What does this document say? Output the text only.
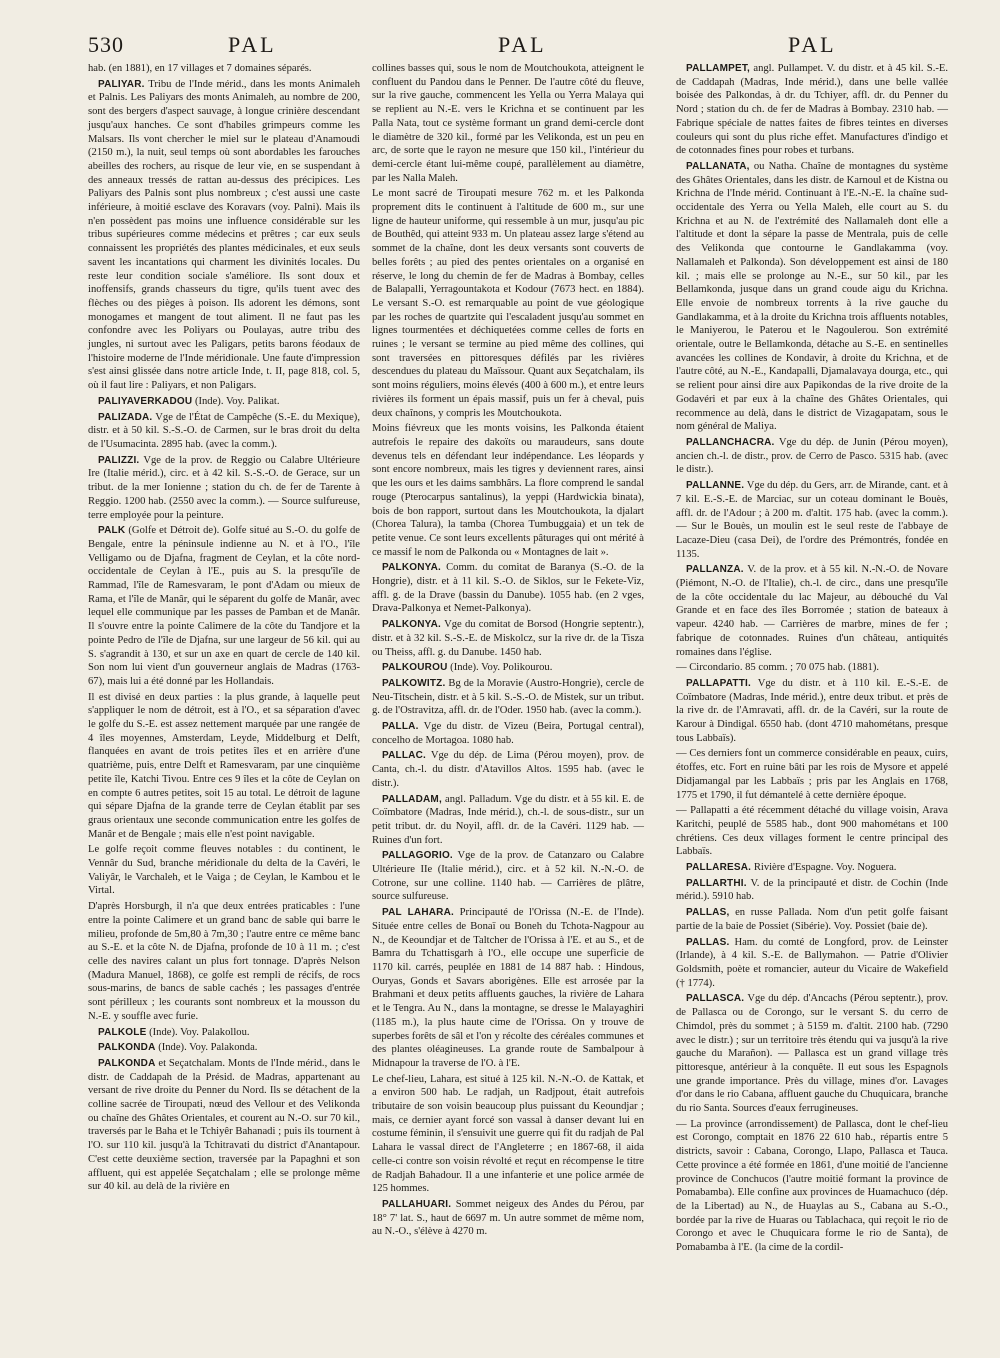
530	PAL	PAL	PAL

hab. (en 1881), en 17 villages et 7 domaines séparés.

PALIYAR. Tribu de l'Inde mérid., dans les monts Animaleh et Palnis. Les Paliyars des monts Animaleh, au nombre de 200, sont des bergers d'aspect sauvage, à longue crinière descendant jusqu'aux hanches. Ce sont d'habiles grimpeurs comme les Malsars. Ils vont chercher le miel sur le plateau d'Anamoudi (2150 m.), la nuit, seul temps où sont abordables les farouches abeilles des rochers, au risque de leur vie, en se suspendant à des anneaux tressés de rattan au-dessus des précipices. Les Paliyars des Palnis sont plus nombreux ; c'est aussi une caste inférieure, à moitié esclave des Koravars (voy. Palni). Mais ils n'en possèdent pas moins une influence considérable sur les tribus supérieures comme médecins et prêtres ; car eux seuls connaissent les propriétés des plantes médicinales, et eux seuls savent les incantations qui charment les divinités locales. Du reste leur condition sociale s'améliore. Ils sont doux et inoffensifs, grands chasseurs du tigre, qu'ils tuent avec des flèches ou des pièges à poison. Ils adorent les démons, sont monogames et mangent de tout aliment. Il ne faut pas les confondre avec les Poliyars ou Poulayas, autre tribu des jungles, ni surtout avec les Paligars, petits barons féodaux de l'histoire moderne de l'Inde méridionale. Une faute d'impression s'est ainsi glissée dans notre article Inde, t. II, page 818, col. 5, où il faut lire : Paliyars, et non Paligars.

PALIYAVERKADOU (Inde). Voy. Palikat.

PALIZADA. Vge de l'État de Campêche (S.-E. du Mexique), distr. et à 50 kil. S.-S.-O. de Carmen, sur le bras droit du delta de l'Usumacinta. 2895 hab. (avec la comm.).

PALIZZI. Vge de la prov. de Reggio ou Calabre Ultérieure Ire (Italie mérid.), circ. et à 42 kil. S.-S.-O. de Gerace, sur un tribut. de la mer Ionienne ; station du ch. de fer de Tarente à Reggio. 1200 hab. (2550 avec la comm.). — Source sulfureuse, terre employée pour la peinture.

PALK (Golfe et Détroit de). Golfe situé au S.-O. du golfe de Bengale, entre la péninsule indienne au N. et à l'O., l'île Velligamo ou de Djafna, fragment de Ceylan, et la côte nord-occidentale de Ceylan à l'E., puis au S. la presqu'île de Rammad, l'île de Ramesvaram, le pont d'Adam ou mieux de Rama, et l'île de Manâr, qui le séparent du golfe de Manâr, avec lequel elle communique par les passes de Pamban et de Manâr. Il s'ouvre entre la pointe Calimere de la côte du Tandjore et la pointe Pedro de l'île de Djafna, sur une largeur de 56 kil. qui au S. s'agrandit à 130, et sur un axe en quart de cercle de 140 kil. Son nom lui vient d'un gouverneur anglais de Madras (1763-67), mais lui a été donné par les Hollandais.

Il est divisé en deux parties : la plus grande, à laquelle peut s'appliquer le nom de détroit, est à l'O., et sa séparation d'avec le golfe du S.-E. est assez nettement marquée par une rangée de 4 îles moyennes, Amsterdam, Leyde, Middelburg et Delft, flanquées en avant de trois petites îles et en arrière d'une quatrième, puis, entre Delft et Ramesvaram, par une cinquième petite île, Katchi Tivou. Entre ces 9 îles et la côte de Ceylan on en compte 6 autres petites, soit 15 au total. Le détroit de lagune qui sépare Djafna de la grande terre de Ceylan établit par ses graus orientaux une seconde communication entre les golfes de Manâr et de Bengale ; mais elle n'est point navigable.

Le golfe reçoit comme fleuves notables : du continent, le Vennâr du Sud, branche méridionale du delta de la Cavéri, le Valiyâr, le Varchaleh, et le Vaiga ; de Ceylan, le Kambou et le Virtal.

D'après Horsburgh, il n'a que deux entrées praticables : l'une entre la pointe Calimere et un grand banc de sable qui barre le milieu, profonde de 5m,80 à 7m,30 ; l'autre entre ce même banc au S.-E. et la côte N. de Djafna, profonde de 10 à 11 m. ; c'est celle des navires calant un plus fort tonnage. D'après Nelson (Madura Manuel, 1868), ce golfe est rempli de récifs, de rocs sous-marins, de bancs de sable cachés ; les passages d'entrée sont périlleux ; les courants sont nombreux et la mousson du N.-E. y souffle avec furie.

PALKOLE (Inde). Voy. Palakollou.

PALKONDA (Inde). Voy. Palakonda.

PALKONDA et Seçatchalam. Monts de l'Inde mérid., dans le distr. de Caddapah de la Présid. de Madras, appartenant au versant de rive droite du Penner du Nord. Ils se détachent de la colline sacrée de Tiroupati, nœud des Vellour et des Velikonda ou chaîne des Ghâtes Orientales, et courent au N.-O. sur 70 kil., traversés par le Baha et le Tchiyêr Bahanadi ; puis ils tournent à l'O. sur 110 kil. jusqu'à la Tchitravati du district d'Anantapour. C'est cette deuxième section, traversée par la Papaghni et son affluent, qui est appelée Seçatchalam ; elle se prolonge même sur 40 kil. au delà de la rivière en

collines basses qui, sous le nom de Moutchoukota, atteignent le confluent du Pandou dans le Penner. De l'autre côté du fleuve, sur la rive gauche, commencent les Yella ou Yerra Malaya qui se replient au N.-E. vers le Krichna et se continuent par les Palla Nata, tout ce système formant un grand demi-cercle dont le diamètre de 320 kil., formé par les Velikonda, est un peu en arc, de sorte que le rayon ne mesure que 150 kil., l'intérieur du demi-cercle étant lui-même coupé, parallèlement au diamètre, par les Nalla Maleh.

Le mont sacré de Tiroupati mesure 762 m. et les Palkonda proprement dits le continuent à l'altitude de 600 m., sur une ligne de hauteur uniforme, qui ressemble à un mur, jusqu'au pic de Bouthêd, qui atteint 933 m. Un plateau assez large s'étend au sommet de la chaîne, dont les deux versants sont couverts de belles forêts ; au pied des pentes orientales on a organisé en réserve, le long du chemin de fer de Madras à Bombay, celles de Balapalli, Yerragountakota et Kodour (7673 hect. en 1884). Le versant S.-O. est remarquable au point de vue géologique par les roches de quartzite qui l'escaladent jusqu'au sommet en lignes tourmentées et déchiquetées comme celles de forts en ruines ; le versant se termine au pied même des collines, qui sont traversées en pittoresques défilés par les rivières descendues du plateau du Maïssour. Quant aux Seçatchalam, ils sont moins réguliers, moins élevés (400 à 600 m.), et entre leurs rivières ils forment un épais massif, puis un fer à cheval, puis deux chaînons, y compris les Moutchoukota.

Moins fiévreux que les monts voisins, les Palkonda étaient autrefois le repaire des dakoïts ou maraudeurs, sans doute devenus tels en défendant leur indépendance. Les léopards y sont encore nombreux, mais les tigres y deviennent rares, ainsi que les ours et les daims sambhârs. La flore comprend le sandal rouge (Pterocarpus santalinus), la yeppi (Hardwickia binata), bois de bon rapport, surtout dans les Moutchoukota, la djalart (Chorea Talura), la tamba (Chorea Tumbuggaia) et un tek de petite venue. Ce sont leurs excellents pâturages qui ont mérité à ce massif le nom de Palkonda ou « Montagnes de lait ».

PALKONYA. Comm. du comitat de Baranya (S.-O. de la Hongrie), distr. et à 11 kil. S.-O. de Siklos, sur le Fekete-Viz, affl. g. de la Drave (bassin du Danube). 1055 hab. (en 2 vges, Drava-Palkonya et Nemet-Palkonya).

PALKONYA. Vge du comitat de Borsod (Hongrie septentr.), distr. et à 32 kil. S.-S.-E. de Miskolcz, sur la rive dr. de la Tisza ou Theiss, affl. g. du Danube. 1450 hab.

PALKOUROU (Inde). Voy. Polikourou.

PALKOWITZ. Bg de la Moravie (Austro-Hongrie), cercle de Neu-Titschein, distr. et à 5 kil. S.-S.-O. de Mistek, sur un tribut. g. de l'Ostravitza, affl. dr. de l'Oder. 1950 hab. (avec la comm.).

PALLA. Vge du distr. de Vizeu (Beira, Portugal central), concelho de Mortagoa. 1080 hab.

PALLAC. Vge du dép. de Lima (Pérou moyen), prov. de Canta, ch.-l. du distr. d'Atavillos Altos. 1595 hab. (avec le distr.).

PALLADAM, angl. Palladum. Vge du distr. et à 55 kil. E. de Coïmbatore (Madras, Inde mérid.), ch.-l. de sous-distr., sur un petit tribut. dr. du Noyil, affl. dr. de la Cavéri. 1129 hab. — Ruines d'un fort.

PALLAGORIO. Vge de la prov. de Catanzaro ou Calabre Ultérieure IIe (Italie mérid.), circ. et à 52 kil. N.-N.-O. de Cotrone, sur une colline. 1140 hab. — Carrières de plâtre, source sulfureuse.

PAL LAHARA. Principauté de l'Orissa (N.-E. de l'Inde). Située entre celles de Bonaï ou Boneh du Tchota-Nagpour au N., de Keoundjar et de Taltcher de l'Orissa à l'E. et au S., et de Bamra du Tchattisgarh à l'O., elle occupe une superficie de 1170 kil. carrés, peuplée en 1881 de 14 887 hab. : Hindous, Ouryas, Gonds et Savars aborigènes. Elle est arrosée par la Brahmani et deux petits affluents gauches, la rivière de Lahara et le Tengra. Au N., dans la montagne, se dresse le Malayaghiri (1185 m.), la plus haute cime de l'Orissa. On y trouve de superbes forêts de sâl et l'on y récolte des céréales communes et des plantes oléagineuses. La grande route de Sambalpour à Midnapour la traverse de l'O. à l'E.

Le chef-lieu, Lahara, est situé à 125 kil. N.-N.-O. de Kattak, et a environ 500 hab. Le radjah, un Radjpout, était autrefois tributaire de son voisin beaucoup plus puissant du Keoundjar ; mais, ce dernier ayant forcé son vassal à danser devant lui en costume féminin, il s'ensuivit une guerre qui fit du radjah de Pal Lahara le vassal direct de l'Angleterre ; en 1867-68, il aida celle-ci contre son voisin révolté et reçut en récompense le titre de Radjah Bahadour. Il a une infanterie et une police armée de 125 hommes.

PALLAHUARI. Sommet neigeux des Andes du Pérou, par 18° 7' lat. S., haut de 6697 m. Un autre sommet de même nom, au N.-O., s'élève à 4270 m.

PALLAMPET, angl. Pullampet. V. du distr. et à 45 kil. S.-E. de Caddapah (Madras, Inde mérid.), dans une belle vallée boisée des Palkondas, à dr. du Tchiyer, affl. dr. du Penner du Nord ; station du ch. de fer de Madras à Bombay. 2310 hab. — Fabrique spéciale de nattes faites de fibres teintes en diverses couleurs qui sont du plus riche effet. Manufactures d'indigo et de cotonnades fines pour robes et turbans.

PALLANATA, ou Natha. Chaîne de montagnes du système des Ghâtes Orientales, dans les distr. de Karnoul et de Kistna ou Krichna de l'Inde mérid. Continuant à l'E.-N.-E. la chaîne sud-occidentale des Yerra ou Yella Maleh, elle court au S. du Krichna et au N. de l'extrémité des Nallamaleh dont elle a l'altitude et dont la sépare la passe de Mentrala, puis de celle des Velikonda que contourne le Gandlakamma (voy. Nallamaleh et Palkonda). Son développement est ainsi de 180 kil. ; mais elle se prolonge au N.-E., sur 50 kil., par les Bellamkonda, jusque dans un grand coude aigu du Krichna. Elle envoie de nombreux torrents à la rive gauche du Gandlakamma, et à la droite du Krichna trois affluents notables, le Maniyerou, le Paterou et le Nagoulerou. Son extrémité orientale, outre le Bellamkonda, détache au S.-E. en sentinelles avancées les collines de Kondavir, à droite du Krichna, et de l'autre côté, au N.-E., Kandapalli, Djamalavaya dourga, etc., qui se relient pour ainsi dire aux Papikondas de la rive droite de la Godavéri et par eux à la chaîne des Ghâtes Orientales, qui recommence au delà, dans le district de Vizagapatam, sous le nom général de Maliya.

PALLANCHACRA. Vge du dép. de Junin (Pérou moyen), ancien ch.-l. de distr., prov. de Cerro de Pasco. 5315 hab. (avec le distr.).

PALLANNE. Vge du dép. du Gers, arr. de Mirande, cant. et à 7 kil. E.-S.-E. de Marciac, sur un coteau dominant le Bouès, affl. dr. de l'Adour ; à 200 m. d'altit. 175 hab. (avec la comm.). — Sur le Bouès, un moulin est le seul reste de l'abbaye de Lacaze-Dieu (casa Dei), de l'ordre des Prémontrés, fondée en 1135.

PALLANZA. V. de la prov. et à 55 kil. N.-N.-O. de Novare (Piémont, N.-O. de l'Italie), ch.-l. de circ., dans une presqu'île de la côte occidentale du lac Majeur, au débouché du Val Grande et en face des îles Borromée ; station de bateaux à vapeur. 4240 hab. — Carrières de marbre, mines de fer ; fabrique de cotonnades. Ruines d'un château, antiquités romaines dans l'église.

— Circondario. 85 comm. ; 70 075 hab. (1881).

PALLAPATTI. Vge du distr. et à 110 kil. E.-S.-E. de Coïmbatore (Madras, Inde mérid.), entre deux tribut. et près de la rive dr. de l'Amravati, affl. dr. de la Cavéri, sur la route de Karour à Dindigal. 6550 hab. (dont 4710 mahométans, presque tous Labbaïs).

— Ces derniers font un commerce considérable en peaux, cuirs, étoffes, etc. Fort en ruine bâti par les rois de Mysore et appelé Didjamangal par les Labbaïs ; pris par les Anglais en 1768, 1775 et 1790, il fut démantelé à cette dernière époque.

— Pallapatti a été récemment détaché du village voisin, Arava Karitchi, peuplé de 5585 hab., dont 900 mahométans et 100 chrétiens. Ces deux villages forment le centre principal des Labbaïs.

PALLARESA. Rivière d'Espagne. Voy. Noguera.

PALLARTHI. V. de la principauté et distr. de Cochin (Inde mérid.). 5910 hab.

PALLAS, en russe Pallada. Nom d'un petit golfe faisant partie de la baie de Possiet (Sibérie). Voy. Possiet (baie de).

PALLAS. Ham. du comté de Longford, prov. de Leinster (Irlande), à 4 kil. S.-E. de Ballymahon. — Patrie d'Olivier Goldsmith, poète et romancier, auteur du Vicaire de Wakefield († 1774).

PALLASCA. Vge du dép. d'Ancachs (Pérou septentr.), prov. de Pallasca ou de Corongo, sur le versant S. du cerro de Chimdol, près du sommet ; à 5159 m. d'altit. 2100 hab. (7290 avec le distr.) ; sur un territoire très étendu qui va jusqu'à la rive gauche du Marañon). — Pallasca est un grand village très pittoresque, antérieur à la conquête. Il eut sous les Espagnols une grande importance. Près du village, mines d'or. Lavages d'or dans le rio Cabana, affluent gauche du Chuquicara, branche du rio Santa. Sources d'eaux ferrugineuses.

— La province (arrondissement) de Pallasca, dont le chef-lieu est Corongo, comptait en 1876 22 610 hab., répartis entre 5 districts, savoir : Cabana, Corongo, Llapo, Pallasca et Tauca. Cette province a été formée en 1861, d'une moitié de l'ancienne province de Conchucos (l'autre moitié formant la province de Pomabamba). Elle confine aux provinces de Huamachuco (dép. de la Libertad) au N., de Huaylas au S., Cabana au S.-O., bordée par la rive de Huaras ou Tablachaca, qui reçoit le rio de Corongo et avec le Chuquicara forme le rio de Santa), de Pomabamba à l'E. (la cime de la cordil-
